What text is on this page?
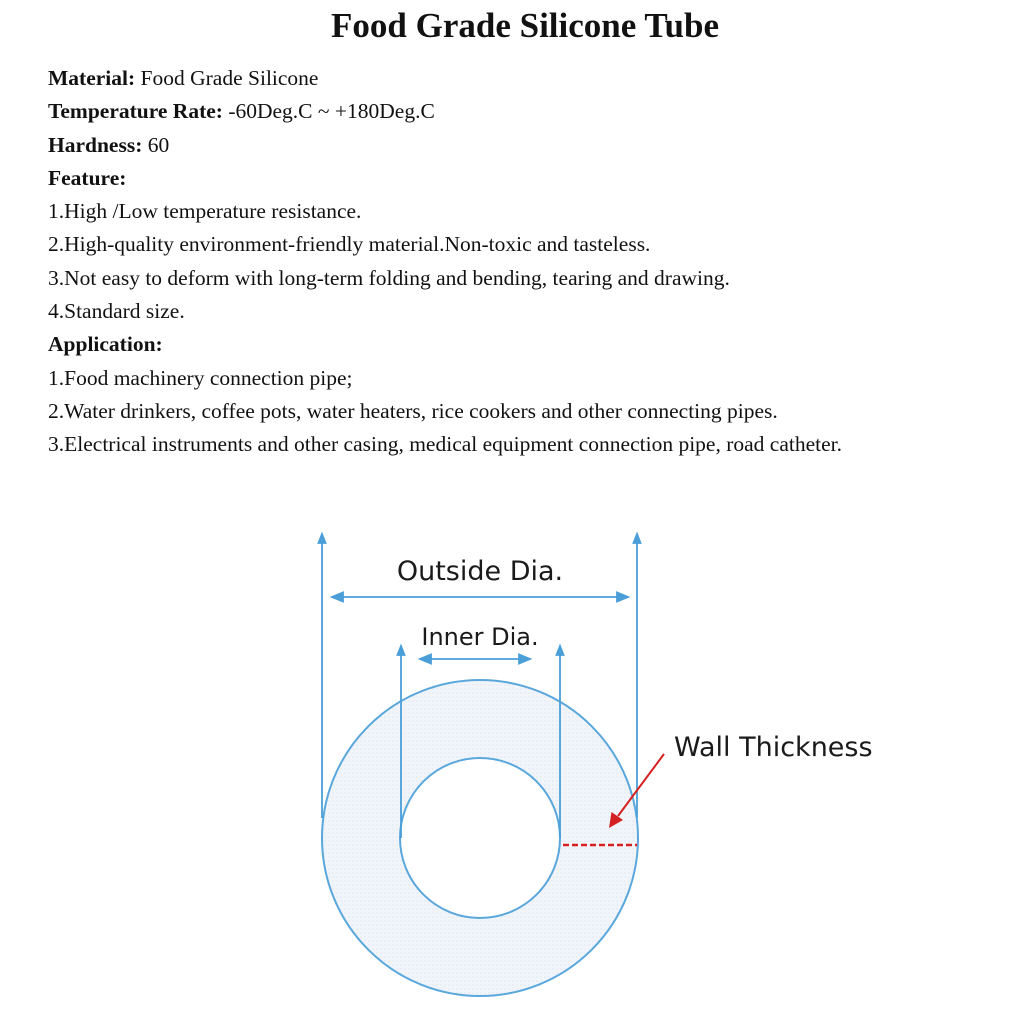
Food Grade Silicone Tube
Material: Food Grade Silicone
Temperature Rate: -60Deg.C ~ +180Deg.C
Hardness: 60
Feature:
1.High /Low temperature resistance.
2.High-quality environment-friendly material.Non-toxic and tasteless.
3.Not easy to deform with long-term folding and bending, tearing and drawing.
4.Standard size.
Application:
1.Food machinery connection pipe;
2.Water drinkers, coffee pots, water heaters, rice cookers and other connecting pipes.
3.Electrical instruments and other casing, medical equipment connection pipe, road catheter.
Outside Dia.
Inner Dia.
Wall Thickness
